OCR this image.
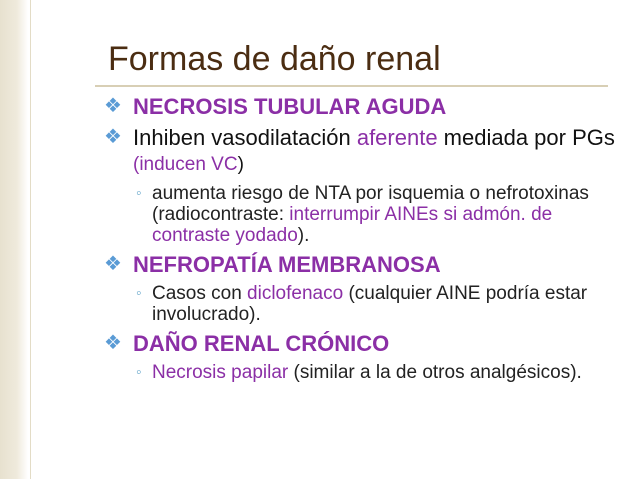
Formas de daño renal
❖ NECROSIS TUBULAR AGUDA
❖ Inhiben vasodilatación aferente mediada por PGs (inducen VC)
◦ aumenta riesgo de NTA por isquemia o nefrotoxinas (radiocontraste: interrumpir AINEs si admón. de contraste yodado).
❖ NEFROPATÍA MEMBRANOSA
◦ Casos con diclofenaco (cualquier AINE podría estar involucrado).
❖ DAÑO RENAL CRÓNICO
◦ Necrosis papilar (similar a la de otros analgésicos).
